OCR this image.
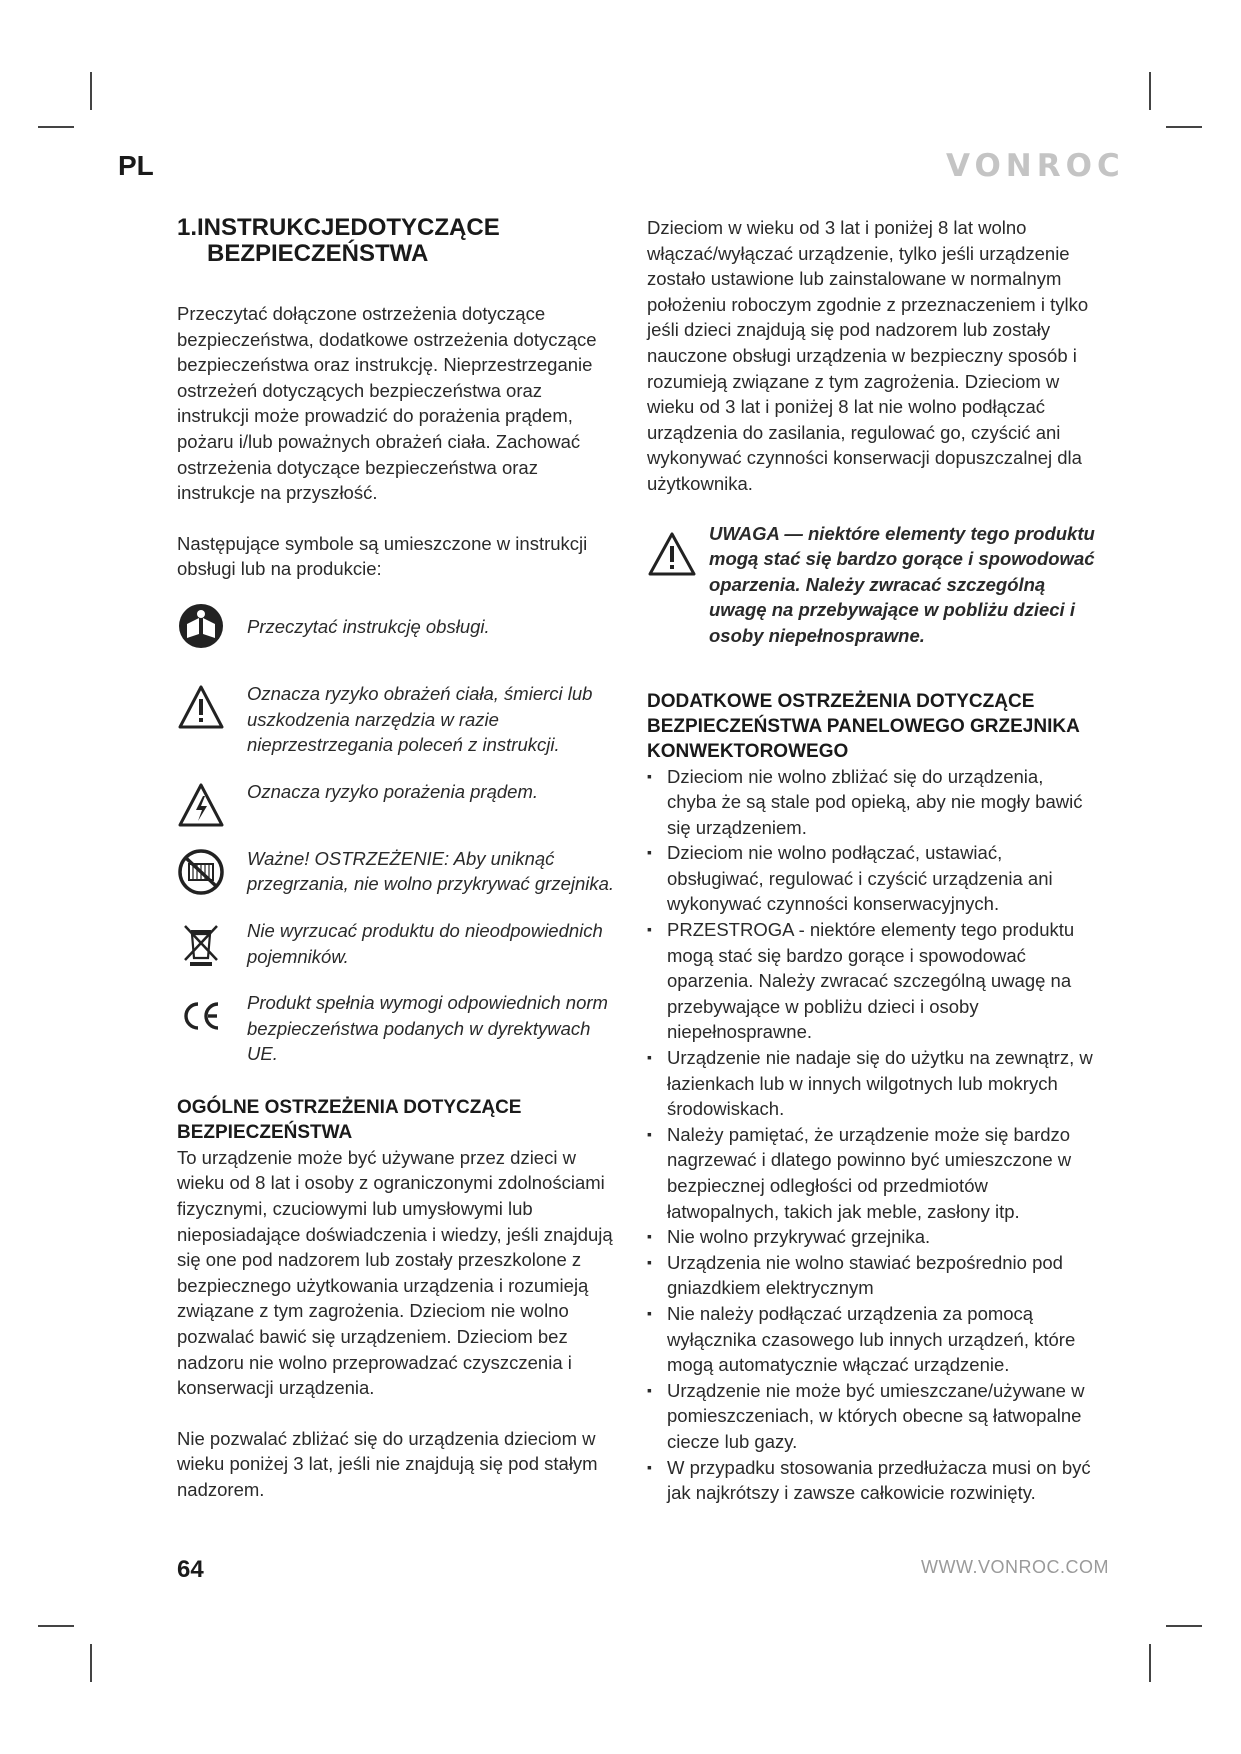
PL	VONROC
1.INSTRUKCJEDOTYCZĄCE
BEZPIECZEŃSTWA

Przeczytać dołączone ostrzeżenia dotyczące bezpieczeństwa, dodatkowe ostrzeżenia dotyczące bezpieczeństwa oraz instrukcję. Nieprzestrzeganie ostrzeżeń dotyczących bezpieczeństwa oraz instrukcji może prowadzić do porażenia prądem, pożaru i/lub poważnych obrażeń ciała. Zachować ostrzeżenia dotyczące bezpieczeństwa oraz instrukcje na przyszłość.

Następujące symbole są umieszczone w instrukcji obsługi lub na produkcie:

Przeczytać instrukcję obsługi.
Oznacza ryzyko obrażeń ciała, śmierci lub uszkodzenia narzędzia w razie nieprzestrzegania poleceń z instrukcji.
Oznacza ryzyko porażenia prądem.
Ważne! OSTRZEŻENIE: Aby uniknąć przegrzania, nie wolno przykrywać grzejnika.
Nie wyrzucać produktu do nieodpowiednich pojemników.
Produkt spełnia wymogi odpowiednich norm bezpieczeństwa podanych w dyrektywach UE.
OGÓLNE OSTRZEŻENIA DOTYCZĄCE BEZPIECZEŃSTWA

To urządzenie może być używane przez dzieci w wieku od 8 lat i osoby z ograniczonymi zdolnościami fizycznymi, czuciowymi lub umysłowymi lub nieposiadające doświadczenia i wiedzy, jeśli znajdują się one pod nadzorem lub zostały przeszkolone z bezpiecznego użytkowania urządzenia i rozumieją związane z tym zagrożenia. Dzieciom nie wolno pozwalać bawić się urządzeniem. Dzieciom bez nadzoru nie wolno przeprowadzać czyszczenia i konserwacji urządzenia.

Nie pozwalać zbliżać się do urządzenia dzieciom w wieku poniżej 3 lat, jeśli nie znajdują się pod stałym nadzorem.

Dzieciom w wieku od 3 lat i poniżej 8 lat wolno włączać/wyłączać urządzenie, tylko jeśli urządzenie zostało ustawione lub zainstalowane w normalnym położeniu roboczym zgodnie z przeznaczeniem i tylko jeśli dzieci znajdują się pod nadzorem lub zostały nauczone obsługi urządzenia w bezpieczny sposób i rozumieją związane z tym zagrożenia. Dzieciom w wieku od 3 lat i poniżej 8 lat nie wolno podłączać urządzenia do zasilania, regulować go, czyścić ani wykonywać czynności konserwacji dopuszczalnej dla użytkownika.

UWAGA — niektóre elementy tego produktu mogą stać się bardzo gorące i spowodować oparzenia. Należy zwracać szczególną uwagę na przebywające w pobliżu dzieci i osoby niepełnosprawne.
DODATKOWE OSTRZEŻENIA DOTYCZĄCE BEZPIECZEŃSTWA PANELOWEGO GRZEJNIKA KONWEKTOROWEGO
▪ Dzieciom nie wolno zbliżać się do urządzenia, chyba że są stale pod opieką, aby nie mogły bawić się urządzeniem.
▪ Dzieciom nie wolno podłączać, ustawiać, obsługiwać, regulować i czyścić urządzenia ani wykonywać czynności konserwacyjnych.
▪ PRZESTROGA - niektóre elementy tego produktu mogą stać się bardzo gorące i spowodować oparzenia. Należy zwracać szczególną uwagę na przebywające w pobliżu dzieci i osoby niepełnosprawne.
▪ Urządzenie nie nadaje się do użytku na zewnątrz, w łazienkach lub w innych wilgotnych lub mokrych środowiskach.
▪ Należy pamiętać, że urządzenie może się bardzo nagrzewać i dlatego powinno być umieszczone w bezpiecznej odległości od przedmiotów łatwopalnych, takich jak meble, zasłony itp.
▪ Nie wolno przykrywać grzejnika.
▪ Urządzenia nie wolno stawiać bezpośrednio pod gniazdkiem elektrycznym
▪ Nie należy podłączać urządzenia za pomocą wyłącznika czasowego lub innych urządzeń, które mogą automatycznie włączać urządzenie.
▪ Urządzenie nie może być umieszczane/używane w pomieszczeniach, w których obecne są łatwopalne ciecze lub gazy.
▪ W przypadku stosowania przedłużacza musi on być jak najkrótszy i zawsze całkowicie rozwinięty.
64	WWW.VONROC.COM
